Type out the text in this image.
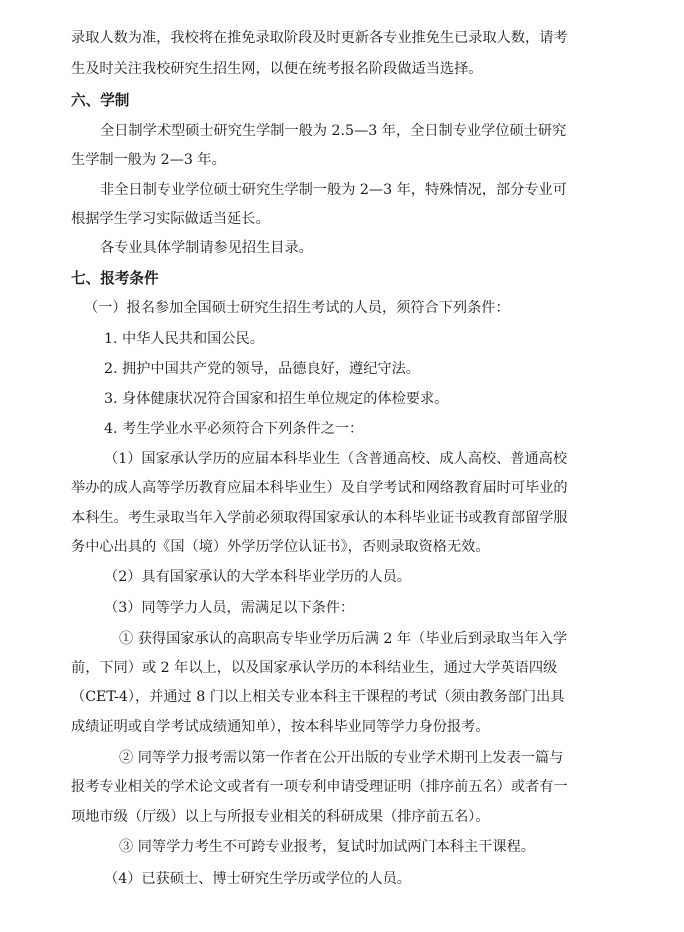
录取人数为准，我校将在推免录取阶段及时更新各专业推免生已录取人数，请考
生及时关注我校研究生招生网，以便在统考报名阶段做适当选择。
六、学制
全日制学术型硕士研究生学制一般为 2.5—3 年，全日制专业学位硕士研究
生学制一般为 2—3 年。
非全日制专业学位硕士研究生学制一般为 2—3 年，特殊情况，部分专业可
根据学生学习实际做适当延长。
各专业具体学制请参见招生目录。
七、报考条件
（一）报名参加全国硕士研究生招生考试的人员，须符合下列条件：
1. 中华人民共和国公民。
2. 拥护中国共产党的领导，品德良好，遵纪守法。
3. 身体健康状况符合国家和招生单位规定的体检要求。
4. 考生学业水平必须符合下列条件之一：
（1）国家承认学历的应届本科毕业生（含普通高校、成人高校、普通高校
举办的成人高等学历教育应届本科毕业生）及自学考试和网络教育届时可毕业的
本科生。考生录取当年入学前必须取得国家承认的本科毕业证书或教育部留学服
务中心出具的《国（境）外学历学位认证书》，否则录取资格无效。
（2）具有国家承认的大学本科毕业学历的人员。
（3）同等学力人员，需满足以下条件：
① 获得国家承认的高职高专毕业学历后满 2 年（毕业后到录取当年入学
前，下同）或 2 年以上，以及国家承认学历的本科结业生，通过大学英语四级
（CET-4），并通过 8 门以上相关专业本科主干课程的考试（须由教务部门出具
成绩证明或自学考试成绩通知单），按本科毕业同等学力身份报考。
② 同等学力报考需以第一作者在公开出版的专业学术期刊上发表一篇与
报考专业相关的学术论文或者有一项专利申请受理证明（排序前五名）或者有一
项地市级（厅级）以上与所报专业相关的科研成果（排序前五名）。
③ 同等学力考生不可跨专业报考，复试时加试两门本科主干课程。
（4）已获硕士、博士研究生学历或学位的人员。
